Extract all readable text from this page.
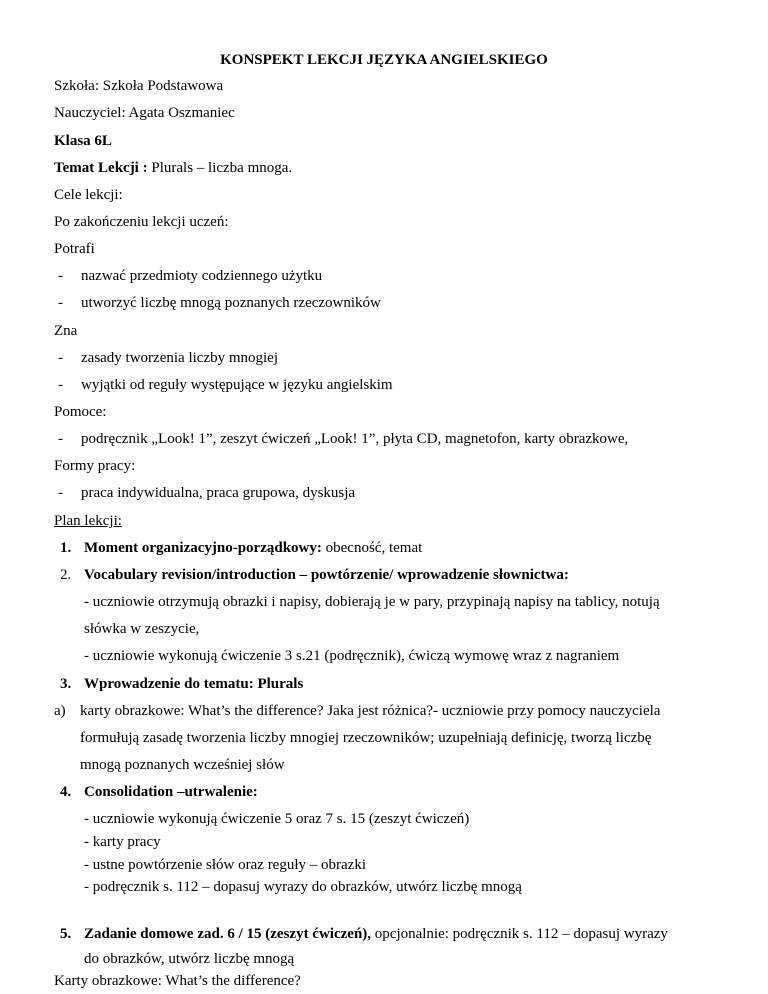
KONSPEKT LEKCJI JĘZYKA ANGIELSKIEGO
Szkoła: Szkoła Podstawowa
Nauczyciel: Agata Oszmaniec
Klasa 6L
Temat Lekcji : Plurals – liczba mnoga.
Cele lekcji:
Po zakończeniu lekcji uczeń:
Potrafi
- nazwać przedmioty codziennego użytku
- utworzyć liczbę mnogą poznanych rzeczowników
Zna
- zasady tworzenia liczby mnogiej
- wyjątki od reguły występujące w języku angielskim
Pomoce:
- podręcznik „Look! 1”, zeszyt ćwiczeń „Look! 1”, płyta CD, magnetofon, karty obrazkowe,
Formy pracy:
- praca indywidualna, praca grupowa, dyskusja
Plan lekcji:
1. Moment organizacyjno-porządkowy: obecność, temat
2. Vocabulary revision/introduction – powtórzenie/ wprowadzenie słownictwa:
- uczniowie otrzymują obrazki i napisy, dobierają je w pary, przypinają napisy na tablicy, notują
słówka w zeszycie,
- uczniowie wykonują ćwiczenie 3 s.21 (podręcznik), ćwiczą wymowę wraz z nagraniem
3. Wprowadzenie do tematu: Plurals
a) karty obrazkowe: What’s the difference? Jaka jest różnica?- uczniowie przy pomocy nauczyciela
formułują zasadę tworzenia liczby mnogiej rzeczowników; uzupełniają definicję, tworzą liczbę
mnogą poznanych wcześniej słów
4. Consolidation –utrwalenie:
- uczniowie wykonują ćwiczenie 5 oraz 7 s. 15 (zeszyt ćwiczeń)
- karty pracy
- ustne powtórzenie słów oraz reguły – obrazki
- podręcznik s. 112 – dopasuj wyrazy do obrazków, utwórz liczbę mnogą
5. Zadanie domowe zad. 6 / 15 (zeszyt ćwiczeń), opcjonalnie: podręcznik s. 112 – dopasuj wyrazy
do obrazków, utwórz liczbę mnogą
Karty obrazkowe: What’s the difference?
